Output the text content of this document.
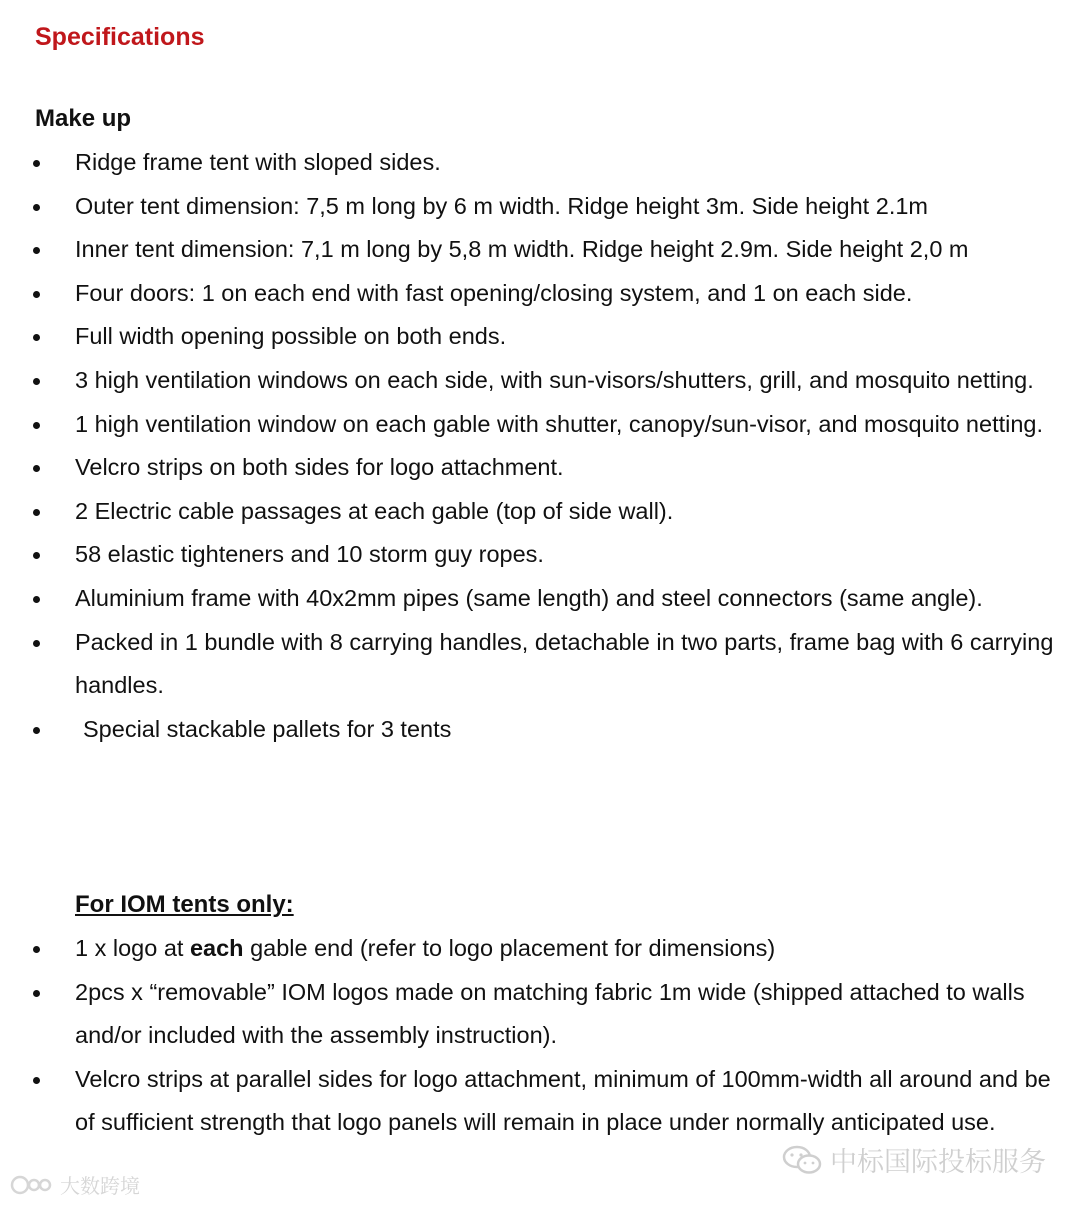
Specifications
Make up
Ridge frame tent with sloped sides.
Outer tent dimension: 7,5 m long by 6 m width. Ridge height 3m. Side height 2.1m
Inner tent dimension: 7,1 m long by 5,8 m width. Ridge height 2.9m. Side height 2,0 m
Four doors: 1 on each end with fast opening/closing system, and 1 on each side.
Full width opening possible on both ends.
3 high ventilation windows on each side, with sun-visors/shutters, grill, and mosquito netting.
1 high ventilation window on each gable with shutter, canopy/sun-visor, and mosquito netting.
Velcro strips on both sides for logo attachment.
2 Electric cable passages at each gable (top of side wall).
58 elastic tighteners and 10 storm guy ropes.
Aluminium frame with 40x2mm pipes (same length) and steel connectors (same angle).
Packed in 1 bundle with 8 carrying handles, detachable in two parts, frame bag with 6 carrying handles.
Special stackable pallets for 3 tents
For IOM tents only:
1 x logo at each gable end (refer to logo placement for dimensions)
2pcs x “removable” IOM logos made on matching fabric 1m wide (shipped attached to walls and/or included with the assembly instruction).
Velcro strips at parallel sides for logo attachment, minimum of 100mm-width all around and be of sufficient strength that logo panels will remain in place under normally anticipated use.
中标国际投标服务
大数跨境
